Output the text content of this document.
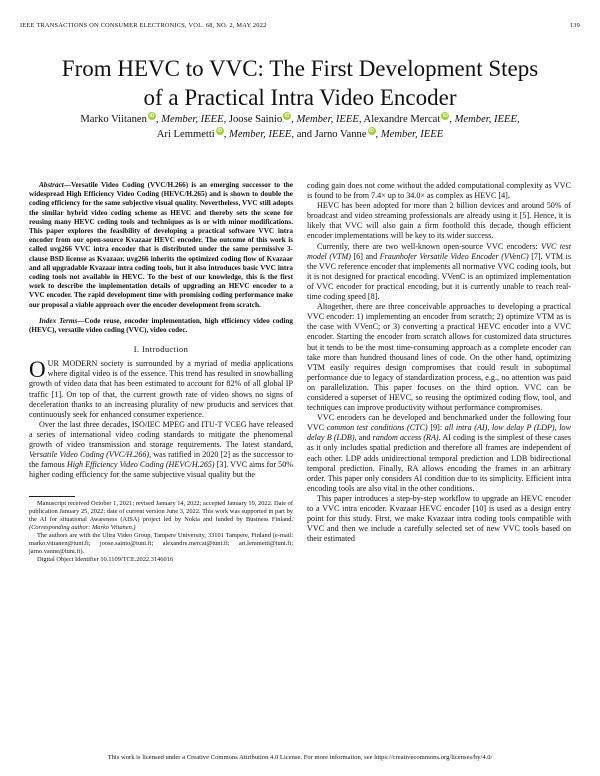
IEEE TRANSACTIONS ON CONSUMER ELECTRONICS, VOL. 68, NO. 2, MAY 2022	139
From HEVC to VVC: The First Development Steps
of a Practical Intra Video Encoder
Marko Viitanen iD , Member, IEEE, Joose Sainio iD , Member, IEEE, Alexandre Mercat iD , Member, IEEE,
Ari Lemmetti iD , Member, IEEE, and Jarno Vanne iD , Member, IEEE

Abstract—Versatile Video Coding (VVC/H.266) is an emerging successor to the widespread High Efficiency Video Coding (HEVC/H.265) and is shown to double the coding efficiency for the same subjective visual quality. Nevertheless, VVC still adopts the similar hybrid video coding scheme as HEVC and thereby sets the scene for reusing many HEVC coding tools and techniques as is or with minor modifications. This paper explores the feasibility of developing a practical software VVC intra encoder from our open-source Kvazaar HEVC encoder. The outcome of this work is called uvg266 VVC intra encoder that is distributed under the same permissive 3-clause BSD license as Kvazaar. uvg266 inherits the optimized coding flow of Kvazaar and all upgradable Kvazaar intra coding tools, but it also introduces basic VVC intra coding tools not available in HEVC. To the best of our knowledge, this is the first work to describe the implementation details of upgrading an HEVC encoder to a VVC encoder. The rapid development time with promising coding performance make our proposal a viable approach over the encoder development from scratch.

Index Terms—Code reuse, encoder implementation, high efficiency video coding (HEVC), versatile video coding (VVC), video codec.

I. Introduction

OUR MODERN society is surrounded by a myriad of media applications where digital video is of the essence. This trend has resulted in snowballing growth of video data that has been estimated to account for 82% of all global IP traffic [1]. On top of that, the current growth rate of video shows no signs of deceleration thanks to an increasing plurality of new products and services that continuously seek for enhanced consumer experience.

Over the last three decades, ISO/IEC MPEG and ITU-T VCEG have released a series of international video coding standards to mitigate the phenomenal growth of video transmission and storage requirements. The latest standard, Versatile Video Coding (VVC/H.266), was ratified in 2020 [2] as the successor to the famous High Efficiency Video Coding (HEVC/H.265) [3]. VVC aims for 50% higher coding efficiency for the same subjective visual quality but the

Manuscript received October 1, 2021; revised January 14, 2022; accepted January 19, 2022. Date of publication January 25, 2022; date of current version June 3, 2022. This work was supported in part by the AI for situational Awareness (AISA) project led by Nokia and funded by Business Finland. (Corresponding author: Marko Viitanen.)

The authors are with the Ultra Video Group, Tampere University, 33101 Tampere, Finland (e-mail: marko.viitanen@tuni.fi; joose.sainio@tuni.fi; alexandre.mercat@tuni.fi; ari.lemmetti@tuni.fi; jarno.vanne@tuni.fi).

Digital Object Identifier 10.1109/TCE.2022.3146016

coding gain does not come without the added computational complexity as VVC is found to be from 7.4× up to 34.0× as complex as HEVC [4].

HEVC has been adopted for more than 2 billion devices and around 50% of broadcast and video streaming professionals are already using it [5]. Hence, it is likely that VVC will also gain a firm foothold this decade, though efficient encoder implementations will be key to its wider success.

Currently, there are two well-known open-source VVC encoders: VVC test model (VTM) [6] and Fraunhofer Versatile Video Encoder (VVenC) [7]. VTM is the VVC reference encoder that implements all normative VVC coding tools, but it is not designed for practical encoding. VVenC is an optimized implementation of VVC encoder for practical encoding, but it is currently unable to reach real-time coding speed [8].

Altogether, there are three conceivable approaches to developing a practical VVC encoder: 1) implementing an encoder from scratch; 2) optimize VTM as is the case with VVenC; or 3) converting a practical HEVC encoder into a VVC encoder. Starting the encoder from scratch allows for customized data structures but it tends to be the most time-consuming approach as a complete encoder can take more than hundred thousand lines of code. On the other hand, optimizing VTM easily requires design compromises that could result in suboptimal performance due to legacy of standardization process, e.g., no attention was paid on parallelization. This paper focuses on the third option. VVC can be considered a superset of HEVC, so reusing the optimized coding flow, tool, and techniques can improve productivity without performance compromises.

VVC encoders can be developed and benchmarked under the following four VVC common test conditions (CTC) [9]: all intra (AI), low delay P (LDP), low delay B (LDB), and random access (RA). AI coding is the simplest of these cases as it only includes spatial prediction and therefore all frames are independent of each other. LDP adds unidirectional temporal prediction and LDB bidirectional temporal prediction. Finally, RA allows encoding the frames in an arbitrary order. This paper only considers AI condition due to its simplicity. Efficient intra encoding tools are also vital in the other conditions.

This paper introduces a step-by-step workflow to upgrade an HEVC encoder to a VVC intra encoder. Kvazaar HEVC encoder [10] is used as a design entry point for this study. First, we make Kvazaar intra coding tools compatible with VVC and then we include a carefully selected set of new VVC tools based on their estimated

This work is licensed under a Creative Commons Attribution 4.0 License. For more information, see https://creativecommons.org/licenses/by/4.0/
